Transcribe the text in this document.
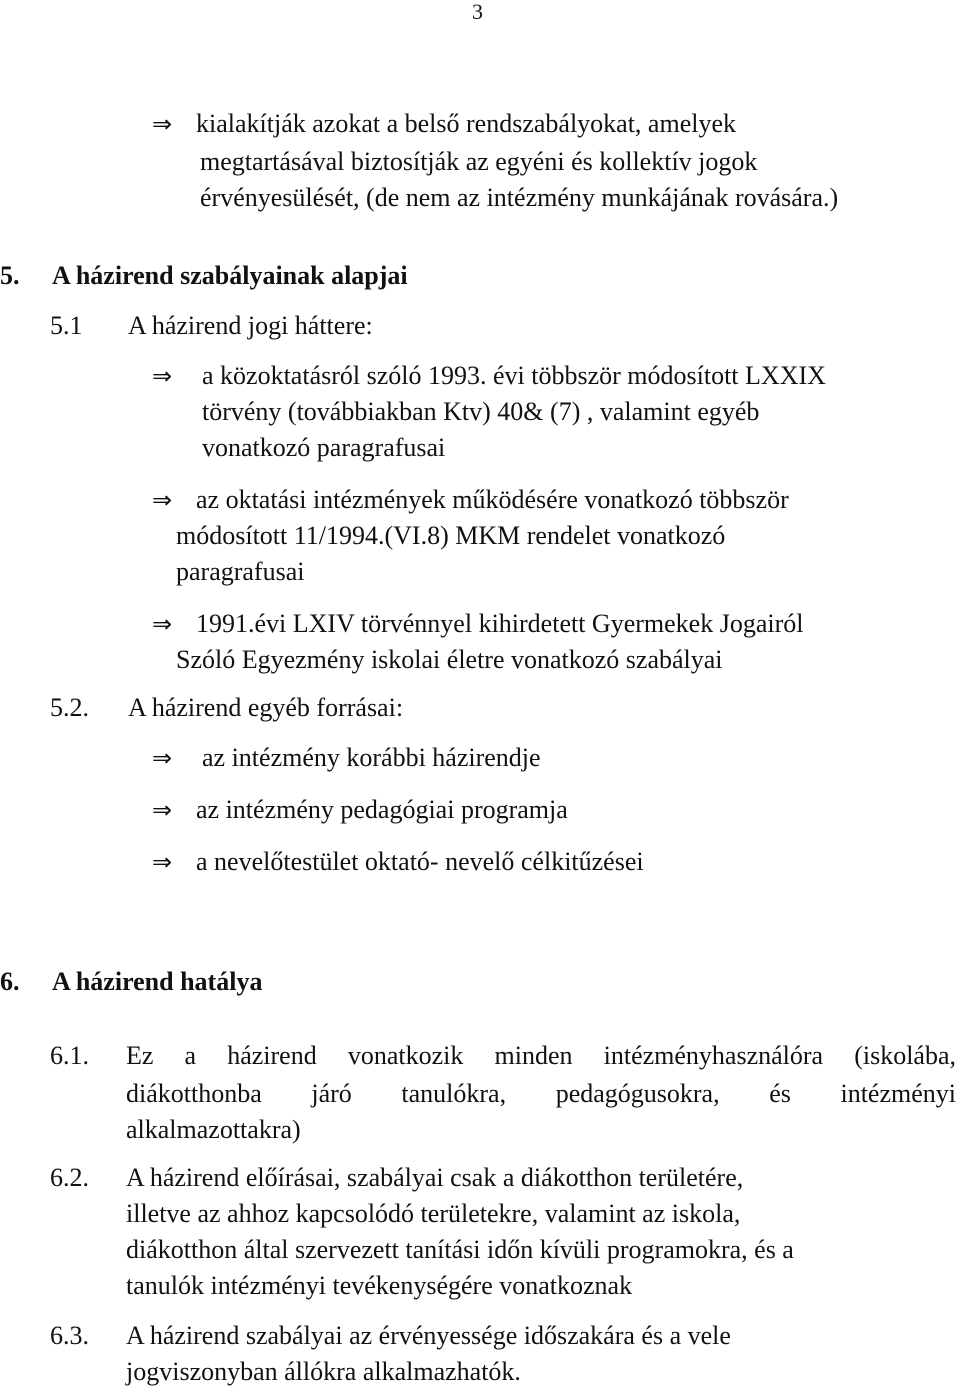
3
⇒ kialakítják azokat a belső rendszabályokat, amelyek
megtartásával biztosítják az egyéni és kollektív jogok
érvényesülését, (de nem az intézmény munkájának rovására.)
5. A házirend szabályainak alapjai
5.1 A házirend jogi háttere:
⇒ a közoktatásról szóló 1993. évi többször módosított LXXIX
törvény (továbbiakban Ktv) 40& (7) , valamint egyéb
vonatkozó paragrafusai
⇒ az oktatási intézmények működésére vonatkozó többször
módosított 11/1994.(VI.8) MKM rendelet vonatkozó
paragrafusai
⇒ 1991.évi LXIV törvénnyel kihirdetett Gyermekek Jogairól
Szóló Egyezmény iskolai életre vonatkozó szabályai
5.2. A házirend egyéb forrásai:
⇒ az intézmény korábbi házirendje
⇒ az intézmény pedagógiai programja
⇒ a nevelőtestület oktató- nevelő célkitűzései
6. A házirend hatálya
6.1. Ez a házirend vonatkozik minden intézményhasználóra (iskolába,
diákotthonba járó tanulókra, pedagógusokra, és intézményi
alkalmazottakra)
6.2. A házirend előírásai, szabályai csak a diákotthon területére,
illetve az ahhoz kapcsolódó területekre, valamint az iskola,
diákotthon által szervezett tanítási időn kívüli programokra, és a
tanulók intézményi tevékenységére vonatkoznak
6.3. A házirend szabályai az érvényessége időszakára és a vele
jogviszonyban állókra alkalmazhatók.
